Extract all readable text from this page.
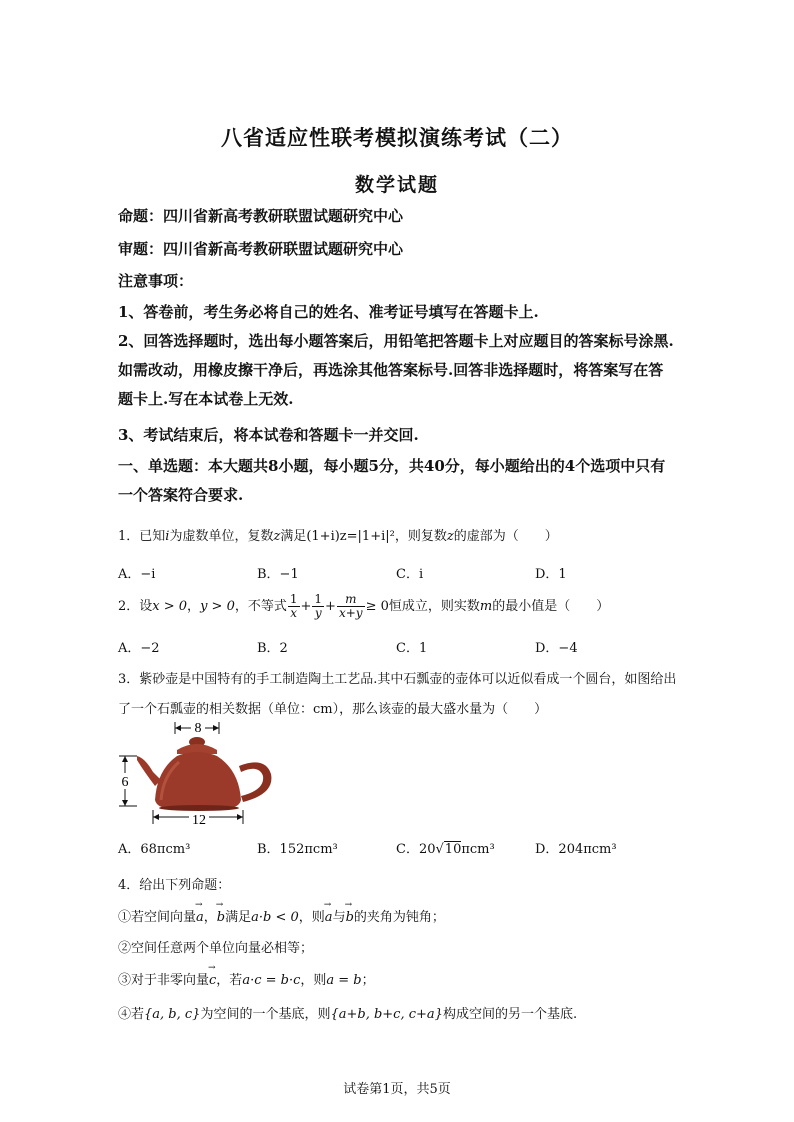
八省适应性联考模拟演练考试（二）
数学试题
命题：四川省新高考教研联盟试题研究中心
审题：四川省新高考教研联盟试题研究中心
注意事项：
1、答卷前，考生务必将自己的姓名、准考证号填写在答题卡上.
2、回答选择题时，选出每小题答案后，用铅笔把答题卡上对应题目的答案标号涂黑.如需改动，用橡皮擦干净后，再选涂其他答案标号.回答非选择题时，将答案写在答题卡上.写在本试卷上无效.
3、考试结束后，将本试卷和答题卡一并交回.
一、单选题：本大题共8小题，每小题5分，共40分，每小题给出的4个选项中只有一个答案符合要求.
1．已知i为虚数单位，复数z满足(1+i)z=|1+i|²，则复数z的虚部为（　　）
A．−i	B．−1	C．i	D．1
2．设x > 0，y > 0，不等式 $\frac{1}{x} + \frac{1}{y} + \frac{m}{x+y} \ge 0$恒成立，则实数m的最小值是（　　）
A．−2	B．2	C．1	D．−4
3．紫砂壶是中国特有的手工制造陶土工艺品.其中石瓢壶的壶体可以近似看成一个圆台，如图给出了一个石瓢壶的相关数据（单位：cm），那么该壶的最大盛水量为（　　）
8
6
12
A．68πcm³	B．152πcm³	C．20√10πcm³	D．204πcm³
4．给出下列命题：
①若空间向量→ a，→ b满足a·b < 0，则→ a与→ b的夹角为钝角；
②空间任意两个单位向量必相等；
③对于非零向量→ c，若a·c = b·c，则a = b；
④若{a, b, c}为空间的一个基底，则{a+b, b+c, c+a}构成空间的另一个基底.
试卷第1页，共5页
